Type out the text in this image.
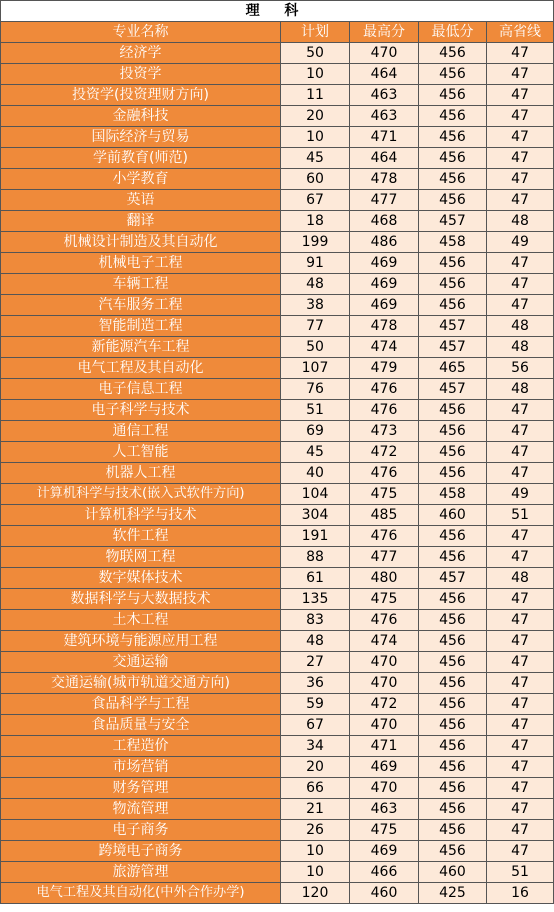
理 科				
专业名称	计划	最高分	最低分	高省线
经济学	50	470	456	47
投资学	10	464	456	47
投资学(投资理财方向)	11	463	456	47
金融科技	20	463	456	47
国际经济与贸易	10	471	456	47
学前教育(师范)	45	464	456	47
小学教育	60	478	456	47
英语	67	477	456	47
翻译	18	468	457	48
机械设计制造及其自动化	199	486	458	49
机械电子工程	91	469	456	47
车辆工程	48	469	456	47
汽车服务工程	38	469	456	47
智能制造工程	77	478	457	48
新能源汽车工程	50	474	457	48
电气工程及其自动化	107	479	465	56
电子信息工程	76	476	457	48
电子科学与技术	51	476	456	47
通信工程	69	473	456	47
人工智能	45	472	456	47
机器人工程	40	476	456	47
计算机科学与技术(嵌入式软件方向)	104	475	458	49
计算机科学与技术	304	485	460	51
软件工程	191	476	456	47
物联网工程	88	477	456	47
数字媒体技术	61	480	457	48
数据科学与大数据技术	135	475	456	47
土木工程	83	476	456	47
建筑环境与能源应用工程	48	474	456	47
交通运输	27	470	456	47
交通运输(城市轨道交通方向)	36	470	456	47
食品科学与工程	59	472	456	47
食品质量与安全	67	470	456	47
工程造价	34	471	456	47
市场营销	20	469	456	47
财务管理	66	470	456	47
物流管理	21	463	456	47
电子商务	26	475	456	47
跨境电子商务	10	469	456	47
旅游管理	10	466	460	51
电气工程及其自动化(中外合作办学)	120	460	425	16
